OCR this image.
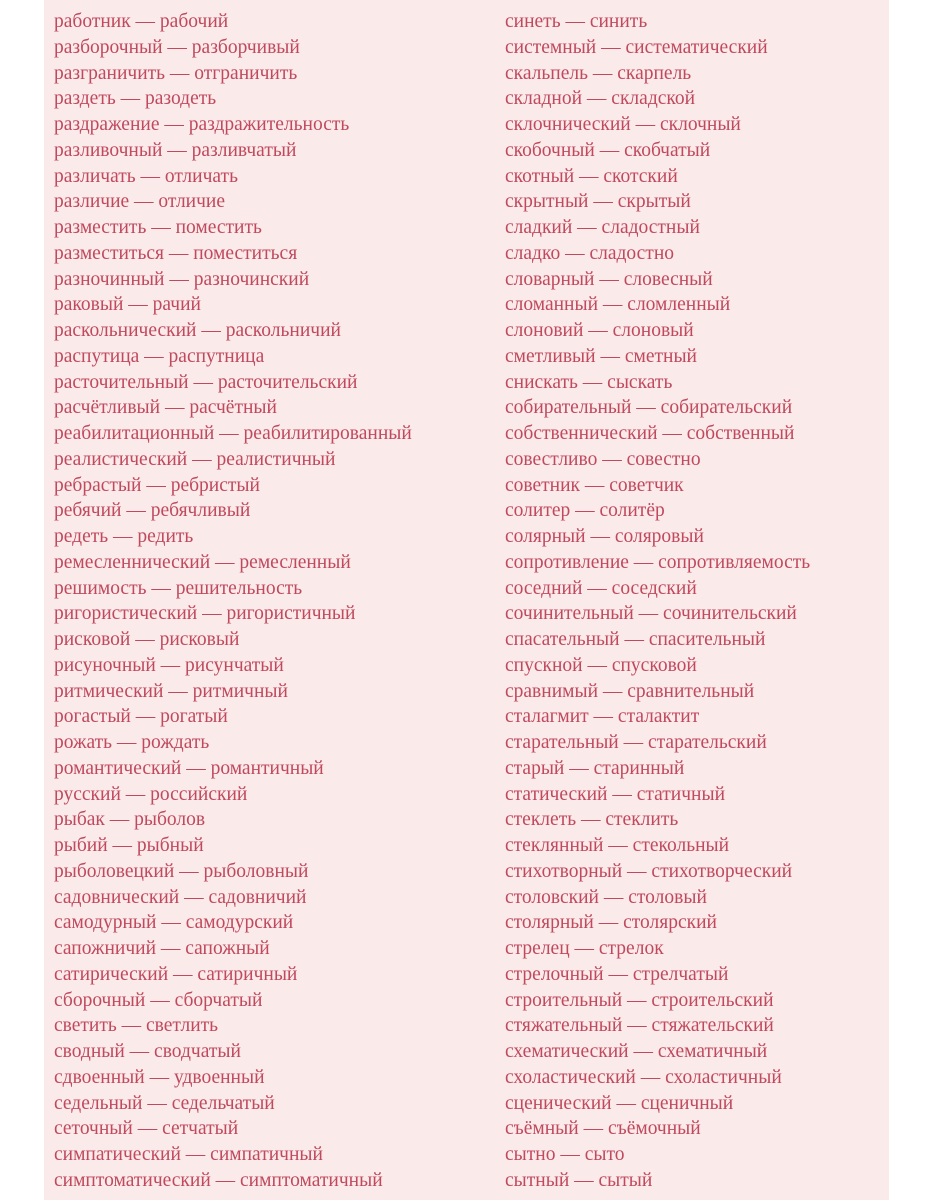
работник — рабочий
разборочный — разборчивый
разграничить — отграничить
раздеть — разодеть
раздражение — раздражительность
разливочный — разливчатый
различать — отличать
различие — отличие
разместить — поместить
разместиться — поместиться
разночинный — разночинский
раковый — рачий
раскольнический — раскольничий
распутица — распутница
расточительный — расточительский
расчётливый — расчётный
реабилитационный — реабилитированный
реалистический — реалистичный
ребрастый — ребристый
ребячий — ребячливый
редеть — редить
ремесленнический — ремесленный
решимость — решительность
ригористический — ригористичный
рисковой — рисковый
рисуночный — рисунчатый
ритмический — ритмичный
рогастый — рогатый
рожать — рождать
романтический — романтичный
русский — российский
рыбак — рыболов
рыбий — рыбный
рыболовецкий — рыболовный
садовнический — садовничий
самодурный — самодурский
сапожничий — сапожный
сатирический — сатиричный
сборочный — сборчатый
светить — светлить
сводный — сводчатый
сдвоенный — удвоенный
седельный — седельчатый
сеточный — сетчатый
симпатический — симпатичный
симптоматический — симптоматичный
синеть — синить
системный — систематический
скальпель — скарпель
складной — складской
склочнический — склочный
скобочный — скобчатый
скотный — скотский
скрытный — скрытый
сладкий — сладостный
сладко — сладостно
словарный — словесный
сломанный — сломленный
слоновий — слоновый
сметливый — сметный
снискать — сыскать
собирательный — собирательский
собственнический — собственный
совестливо — совестно
советник — советчик
солитер — солитёр
солярный — соляровый
сопротивление — сопротивляемость
соседний — соседский
сочинительный — сочинительский
спасательный — спасительный
спускной — спусковой
сравнимый — сравнительный
сталагмит — сталактит
старательный — старательский
старый — старинный
статический — статичный
стеклеть — стеклить
стеклянный — стекольный
стихотворный — стихотворческий
столовский — столовый
столярный — столярский
стрелец — стрелок
стрелочный — стрелчатый
строительный — строительский
стяжательный — стяжательский
схематический — схематичный
схоластический — схоластичный
сценический — сценичный
съёмный — съёмочный
сытно — сыто
сытный — сытый
